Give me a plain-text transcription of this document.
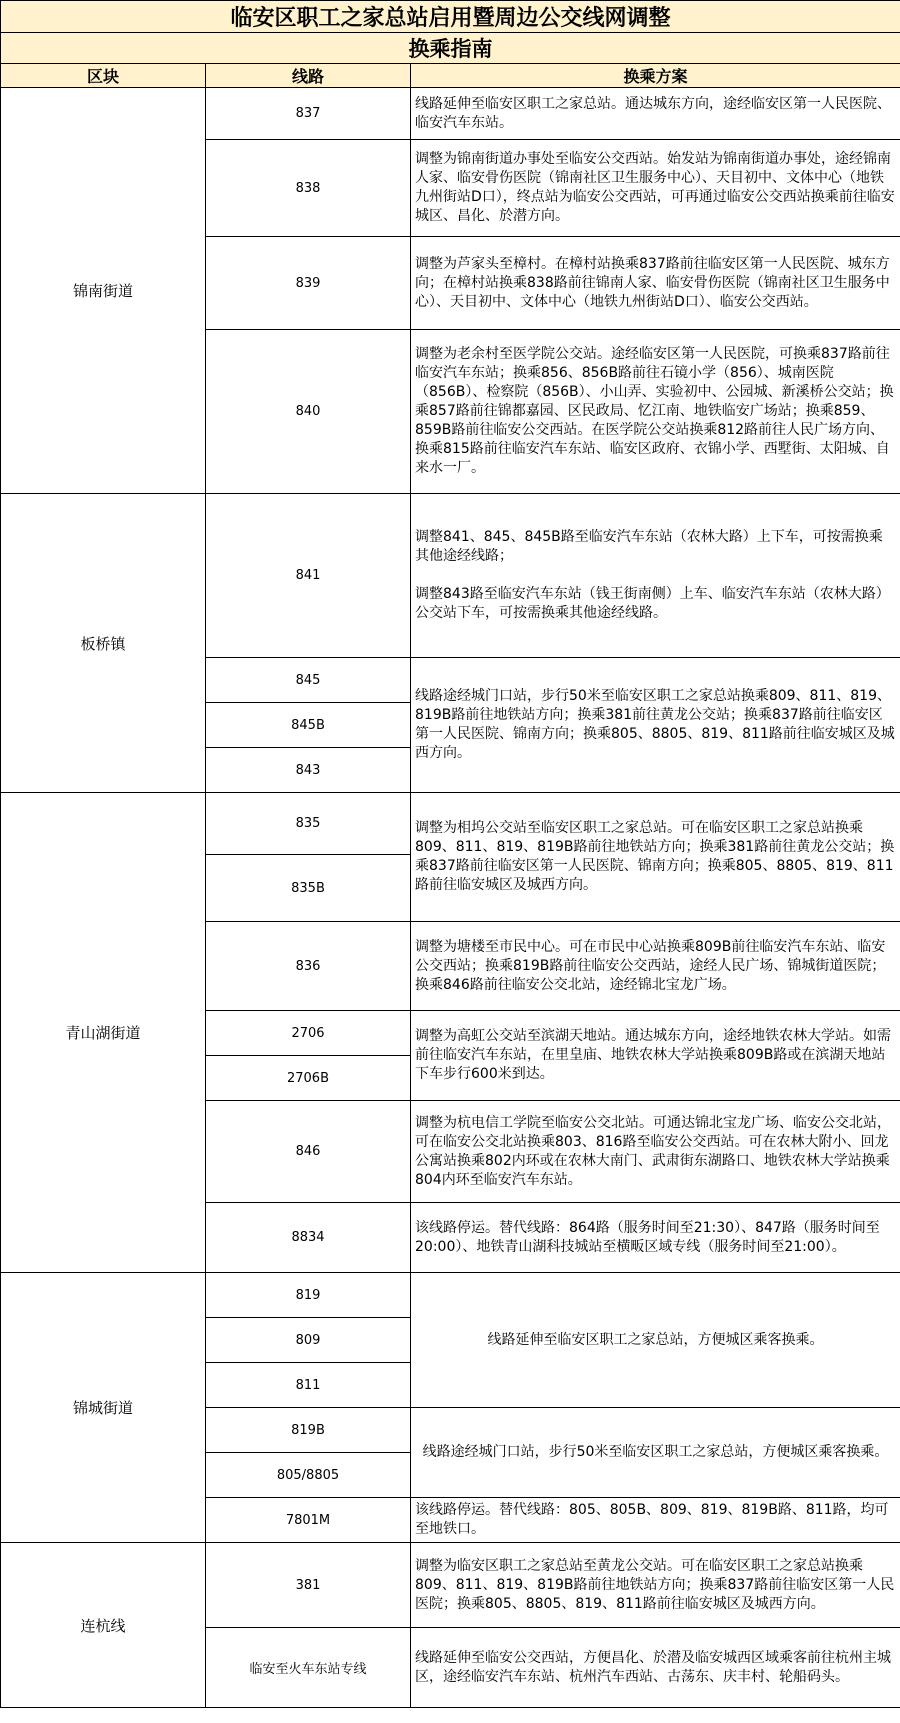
临安区职工之家总站启用暨周边公交线网调整		
换乘指南		
区块	线路	换乘方案
锦南街道	837	线路延伸至临安区职工之家总站。通达城东方向，途经临安区第一人民医院、临安汽车东站。

	838	调整为锦南街道办事处至临安公交西站。始发站为锦南街道办事处，途经锦南人家、临安骨伤医院（锦南社区卫生服务中心）、天目初中、文体中心（地铁九州街站D口），终点站为临安公交西站，可再通过临安公交西站换乘前往临安城区、昌化、於潜方向。

	839	调整为芦家头至樟村。在樟村站换乘837路前往临安区第一人民医院、城东方向；在樟村站换乘838路前往锦南人家、临安骨伤医院（锦南社区卫生服务中心）、天目初中、文体中心（地铁九州街站D口）、临安公交西站。

	840	调整为老余村至医学院公交站。途经临安区第一人民医院，可换乘837路前往临安汽车东站；换乘856、856B路前往石镜小学（856）、城南医院（856B）、检察院（856B）、小山弄、实验初中、公园城、新溪桥公交站；换乘857路前往锦都嘉园、区民政局、忆江南、地铁临安广场站；换乘859、859B路前往临安公交西站。在医学院公交站换乘812路前往人民广场方向、换乘815路前往临安汽车东站、临安区政府、衣锦小学、西墅街、太阳城、自来水一厂。

板桥镇	841	调整841、845、845B路至临安汽车东站（农林大路）上下车，可按需换乘其他途经线路；

调整843路至临安汽车东站（钱王街南侧）上车、临安汽车东站（农林大路）公交站下车，可按需换乘其他途经线路。

	845	线路途经城门口站，步行50米至临安区职工之家总站换乘809、811、819、819B路前往地铁站方向；换乘381前往黄龙公交站；换乘837路前往临安区第一人民医院、锦南方向；换乘805、8805、819、811路前往临安城区及城西方向。

	845B	
	843	
青山湖街道	835	调整为相坞公交站至临安区职工之家总站。可在临安区职工之家总站换乘809、811、819、819B路前往地铁站方向；换乘381路前往黄龙公交站；换乘837路前往临安区第一人民医院、锦南方向；换乘805、8805、819、811路前往临安城区及城西方向。

	835B	
	836	调整为塘楼至市民中心。可在市民中心站换乘809B前往临安汽车东站、临安公交西站；换乘819B路前往临安公交西站，途经人民广场、锦城街道医院；换乘846路前往临安公交北站，途经锦北宝龙广场。

	2706	调整为高虹公交站至滨湖天地站。通达城东方向，途经地铁农林大学站。如需前往临安汽车东站，在里皇庙、地铁农林大学站换乘809B路或在滨湖天地站下车步行600米到达。

	2706B	
	846	调整为杭电信工学院至临安公交北站。可通达锦北宝龙广场、临安公交北站，可在临安公交北站换乘803、816路至临安公交西站。可在农林大附小、回龙公寓站换乘802内环或在农林大南门、武肃街东湖路口、地铁农林大学站换乘804内环至临安汽车东站。

	8834	该线路停运。替代线路：864路（服务时间至21:30）、847路（服务时间至20:00）、地铁青山湖科技城站至横畈区域专线（服务时间至21:00）。

锦城街道	819	线路延伸至临安区职工之家总站，方便城区乘客换乘。

	809	
	811	
	819B	线路途经城门口站，步行50米至临安区职工之家总站，方便城区乘客换乘。

	805/8805	
	7801M	该线路停运。替代线路：805、805B、809、819、819B路、811路，均可至地铁口。

连杭线	381	调整为临安区职工之家总站至黄龙公交站。可在临安区职工之家总站换乘809、811、819、819B路前往地铁站方向；换乘837路前往临安区第一人民医院；换乘805、8805、819、811路前往临安城区及城西方向。

	临安至火车东站专线	线路延伸至临安公交西站，方便昌化、於潜及临安城西区域乘客前往杭州主城区，途经临安汽车东站、杭州汽车西站、古荡东、庆丰村、轮船码头。
